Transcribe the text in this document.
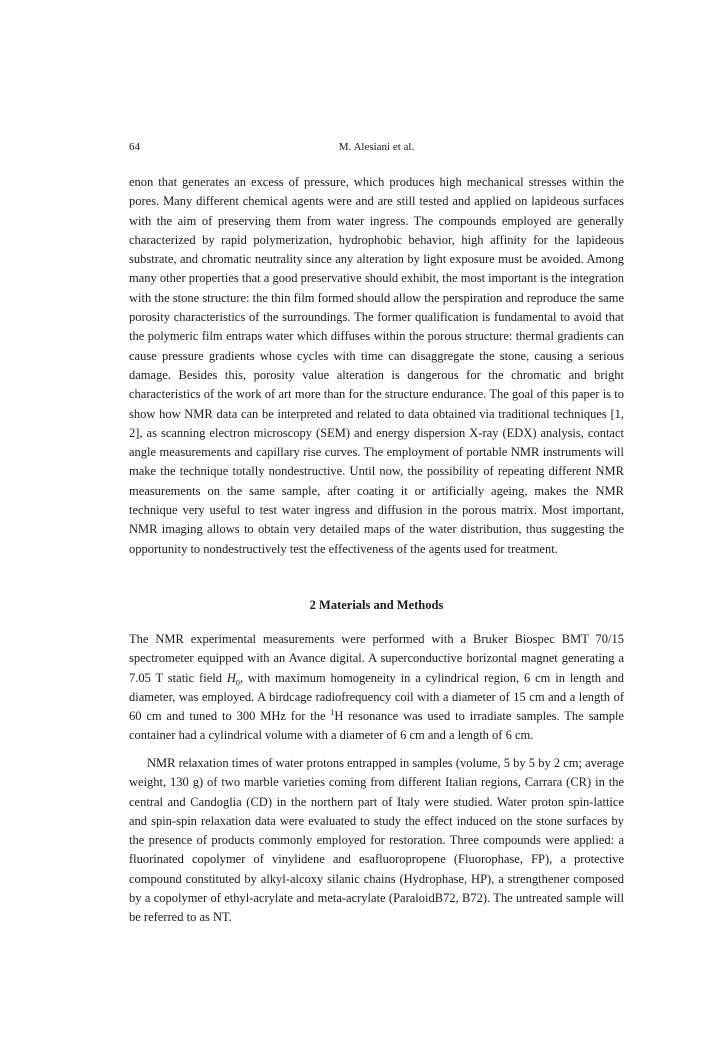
64	M. Alesiani et al.

enon that generates an excess of pressure, which produces high mechanical stresses within the pores. Many different chemical agents were and are still tested and applied on lapideous surfaces with the aim of preserving them from water ingress. The compounds employed are generally characterized by rapid polymerization, hydrophobic behavior, high affinity for the lapideous substrate, and chromatic neutrality since any alteration by light exposure must be avoided. Among many other properties that a good preservative should exhibit, the most important is the integration with the stone structure: the thin film formed should allow the perspiration and reproduce the same porosity characteristics of the surroundings. The former qualification is fundamental to avoid that the polymeric film entraps water which diffuses within the porous structure: thermal gradients can cause pressure gradients whose cycles with time can disaggregate the stone, causing a serious damage. Besides this, porosity value alteration is dangerous for the chromatic and bright characteristics of the work of art more than for the structure endurance. The goal of this paper is to show how NMR data can be interpreted and related to data obtained via traditional techniques [1, 2], as scanning electron microscopy (SEM) and energy dispersion X-ray (EDX) analysis, contact angle measurements and capillary rise curves. The employment of portable NMR instruments will make the technique totally nondestructive. Until now, the possibility of repeating different NMR measurements on the same sample, after coating it or artificially ageing, makes the NMR technique very useful to test water ingress and diffusion in the porous matrix. Most important, NMR imaging allows to obtain very detailed maps of the water distribution, thus suggesting the opportunity to nondestructively test the effectiveness of the agents used for treatment.

2 Materials and Methods

The NMR experimental measurements were performed with a Bruker Biospec BMT 70/15 spectrometer equipped with an Avance digital. A superconductive horizontal magnet generating a 7.05 T static field $H_0$, with maximum homogeneity in a cylindrical region, 6 cm in length and diameter, was employed. A birdcage radiofrequency coil with a diameter of 15 cm and a length of 60 cm and tuned to 300 MHz for the $^1$H resonance was used to irradiate samples. The sample container had a cylindrical volume with a diameter of 6 cm and a length of 6 cm.

NMR relaxation times of water protons entrapped in samples (volume, 5 by 5 by 2 cm; average weight, 130 g) of two marble varieties coming from different Italian regions, Carrara (CR) in the central and Candoglia (CD) in the northern part of Italy were studied. Water proton spin-lattice and spin-spin relaxation data were evaluated to study the effect induced on the stone surfaces by the presence of products commonly employed for restoration. Three compounds were applied: a fluorinated copolymer of vinylidene and esafluoropropene (Fluorophase, FP), a protective compound constituted by alkyl-alcoxy silanic chains (Hydrophase, HP), a strengthener composed by a copolymer of ethyl-acrylate and meta-acrylate (ParaloidB72, B72). The untreated sample will be referred to as NT.
